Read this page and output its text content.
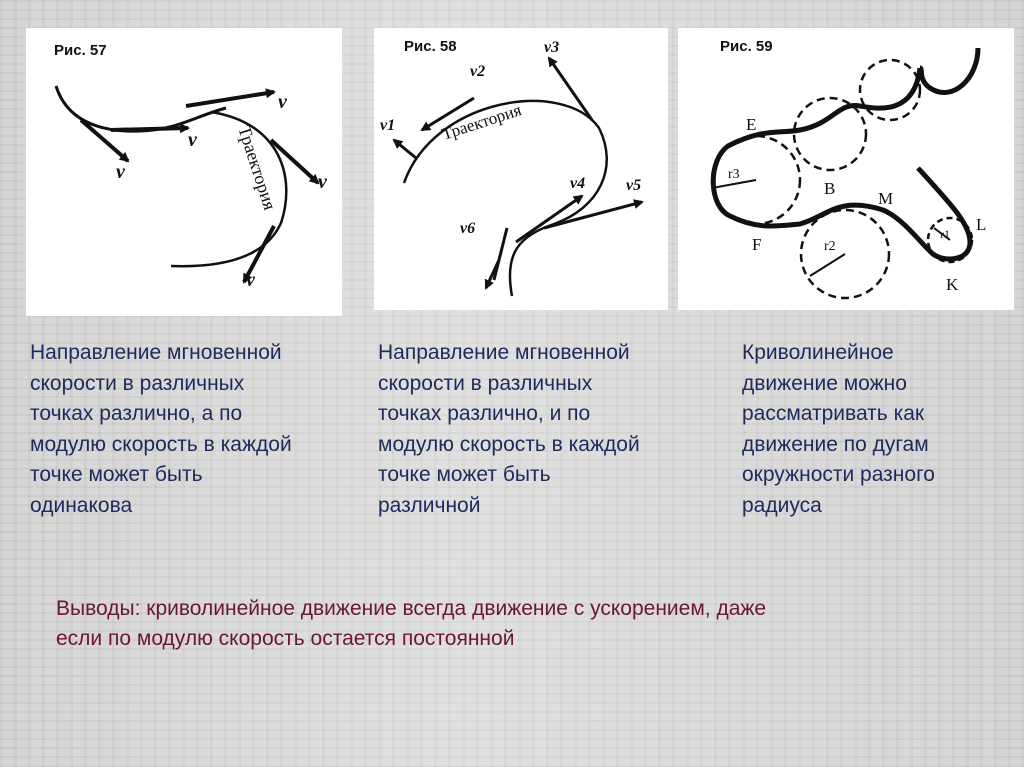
Рис. 57
v
v
v
v
v
Траектория
Рис. 58
v1
v2
v3
v4	v5
v6
Траектория
Рис. 59
E
B
M
F
L
K
r3
r2
r1
Направление мгновенной
скорости в различных
точках различно, а по
модулю скорость в каждой
точке может быть
одинакова
Направление мгновенной
скорости в различных
точках различно, и по
модулю скорость в каждой
точке может быть
различной
Криволинейное
движение можно
рассматривать как
движение по дугам
окружности разного
радиуса
Выводы: криволинейное движение всегда движение с ускорением, даже
если по модулю скорость остается постоянной
